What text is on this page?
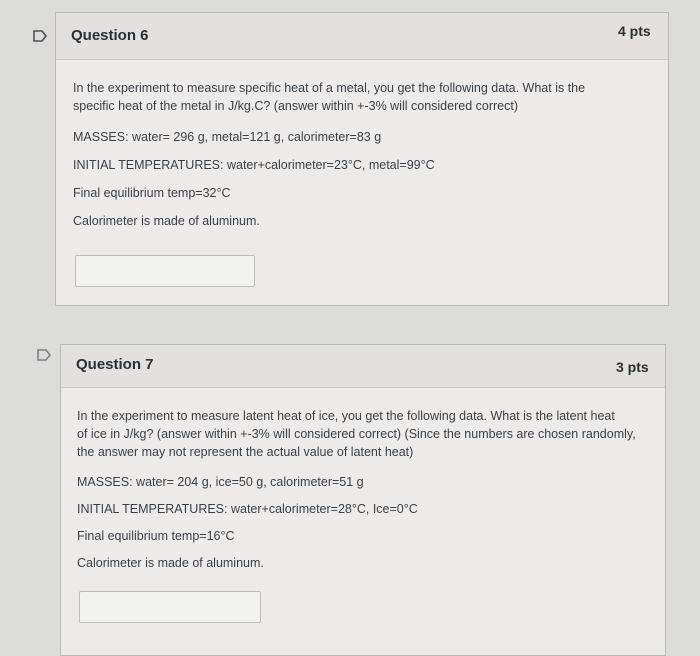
Question 6	4 pts

In the experiment to measure specific heat of a metal, you get the following data. What is the

specific heat of the metal in J/kg.C? (answer within +-3% will considered correct)

MASSES: water= 296 g, metal=121 g, calorimeter=83 g

INITIAL TEMPERATURES: water+calorimeter=23°C, metal=99°C

Final equilibrium temp=32°C

Calorimeter is made of aluminum.

Question 7	3 pts

In the experiment to measure latent heat of ice, you get the following data. What is the latent heat

of ice in J/kg? (answer within +-3% will considered correct) (Since the numbers are chosen randomly,

the answer may not represent the actual value of latent heat)

MASSES: water= 204 g, ice=50 g, calorimeter=51 g

INITIAL TEMPERATURES: water+calorimeter=28°C, Ice=0°C

Final equilibrium temp=16°C

Calorimeter is made of aluminum.
